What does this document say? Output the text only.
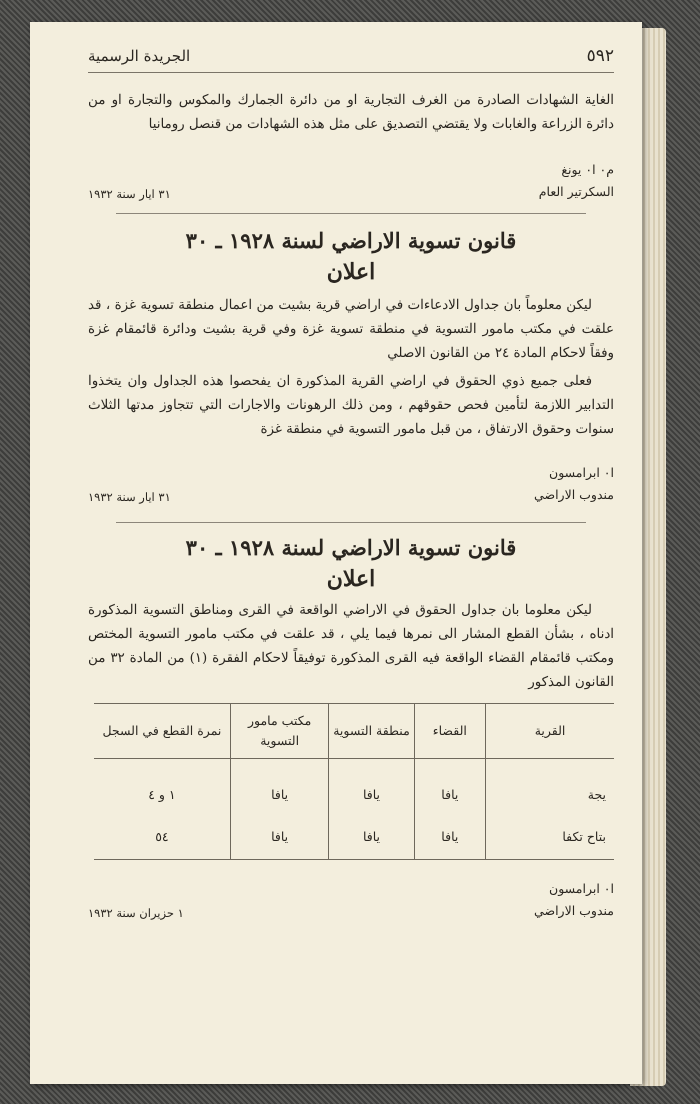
٥٩٢
الجريدة الرسمية

الغاية الشهادات الصادرة من الغرف التجارية او من دائرة الجمارك والمكوس والتجارة او من دائرة الزراعة والغابات ولا يقتضي التصديق على مثل هذه الشهادات من قنصل رومانيا

م٠ ا٠ يونغ
السكرتير العام
٣١ ايار سنة ١٩٣٢
قانون تسوية الاراضي لسنة ١٩٢٨ ـ ٣٠
اعلان

ليكن معلوماً بان جداول الادعاءات في اراضي قرية بشيت من اعمال منطقة تسوية غزة ، قد علقت في مكتب مامور التسوية في منطقة تسوية غزة وفي قرية بشيت ودائرة قائمقام غزة وفقاً لاحكام المادة ٢٤ من القانون الاصلي

فعلى جميع ذوي الحقوق في اراضي القرية المذكورة ان يفحصوا هذه الجداول وان يتخذوا التدابير اللازمة لتأمين فحص حقوقهم ، ومن ذلك الرهونات والاجارات التي تتجاوز مدتها الثلاث سنوات وحقوق الارتفاق ، من قبل مامور التسوية في منطقة غزة

ا٠ ابرامسون
مندوب الاراضي
٣١ ايار سنة ١٩٣٢
قانون تسوية الاراضي لسنة ١٩٢٨ ـ ٣٠
اعلان

ليكن معلوما بان جداول الحقوق في الاراضي الواقعة في القرى ومناطق التسوية المذكورة ادناه ، بشأن القطع المشار الى نمرها فيما يلي ، قد علقت في مكتب مامور التسوية المختص ومكتب قائمقام القضاء الواقعة فيه القرى المذكورة توفيقاً لاحكام الفقرة (١) من المادة ٣٢ من القانون المذكور

القرية	القضاء	منطقة التسوية	مكتب مامور التسوية	نمرة القطع في السجل

يجة	يافا	يافا	يافا	١ و ٤
بتاح تكفا	يافا	يافا	يافا	٥٤
ا٠ ابرامسون
مندوب الاراضي
١ حزيران سنة ١٩٣٢
